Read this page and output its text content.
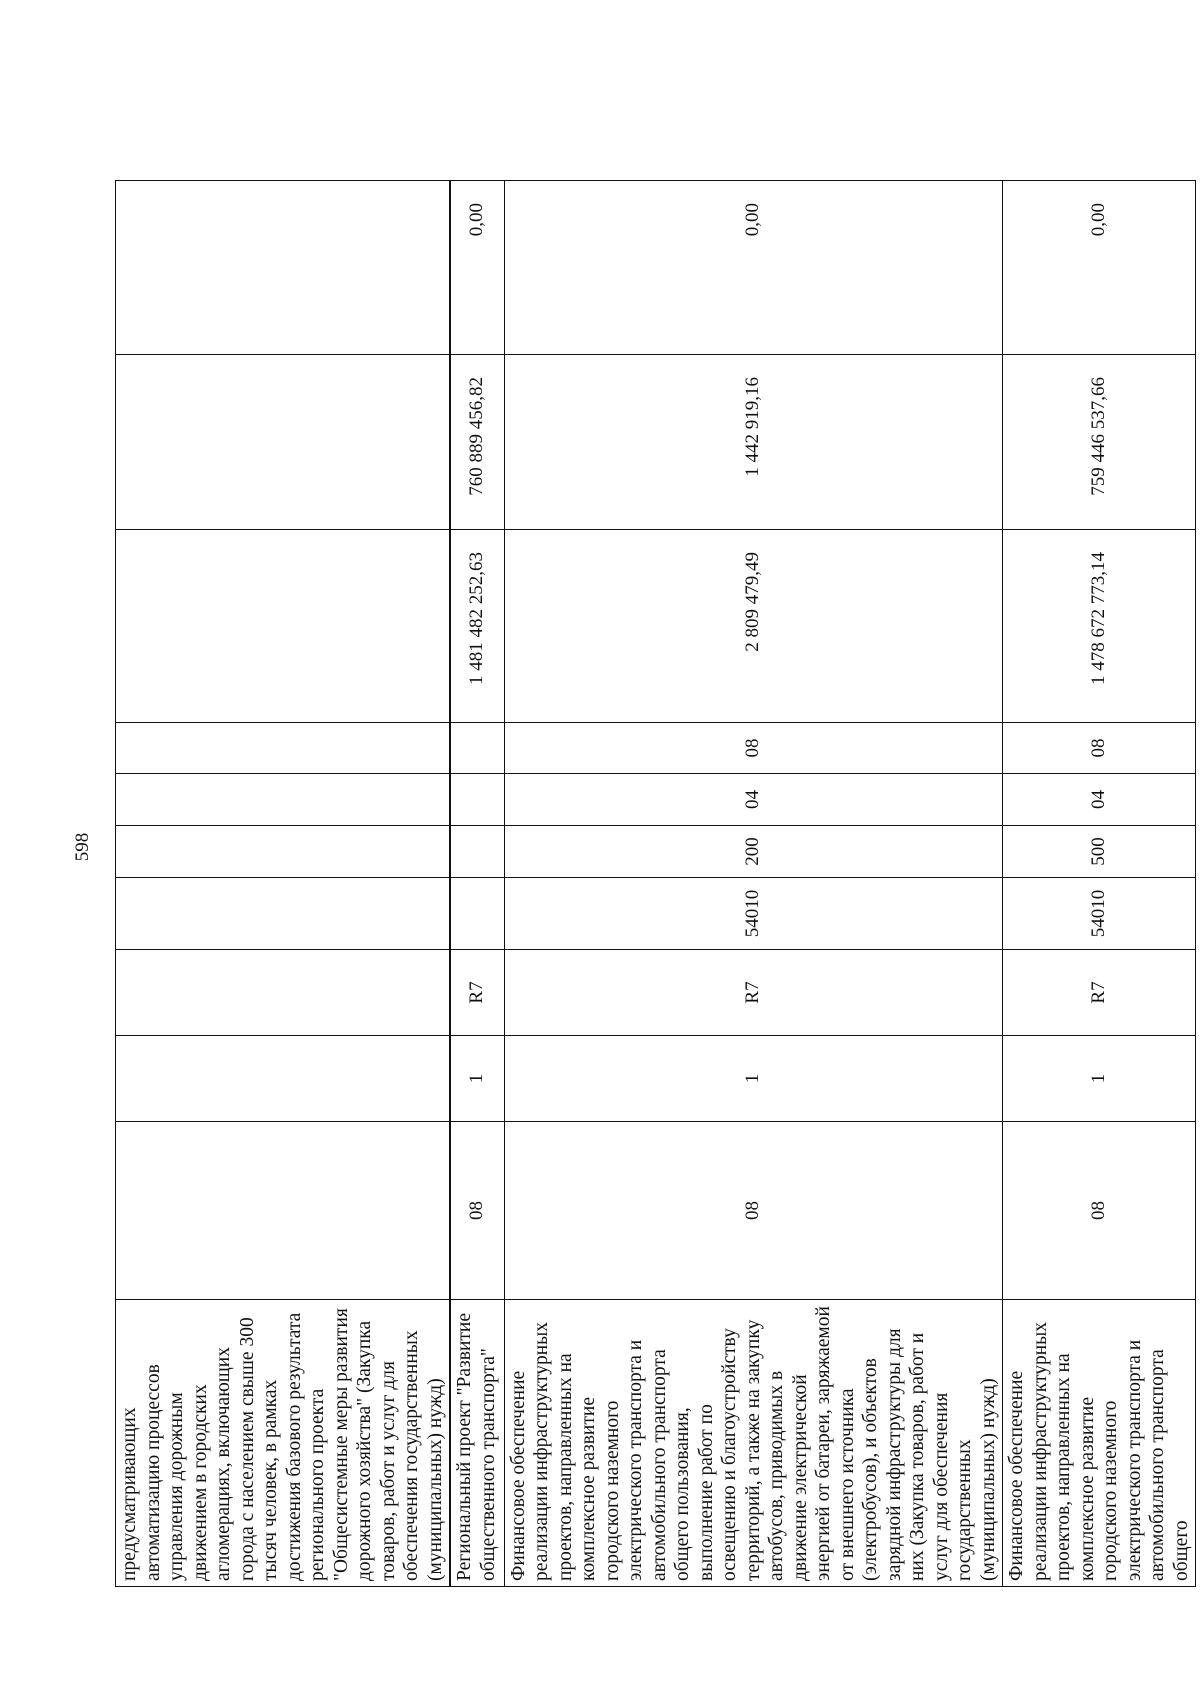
598
предусматривающих автоматизацию процессов управления дорожным движением в городских агломерациях, включающих города с населением свыше 300 тысяч человек, в рамках достижения базового результата регионального проекта "Общесистемные меры развития дорожного хозяйства" (Закупка товаров, работ и услуг для обеспечения государственных (муниципальных) нужд)										
Региональный проект "Развитие общественного транспорта"	08	1	R7					1 481 482 252,63	760 889 456,82	0,00
Финансовое обеспечение реализации инфраструктурных проектов, направленных на комплексное развитие городского наземного электрического транспорта и автомобильного транспорта общего пользования, выполнение работ по освещению и благоустройству территорий, а также на закупку автобусов, приводимых в движение электрической энергией от батареи, заряжаемой от внешнего источника (электробусов), и объектов зарядной инфраструктуры для них (Закупка товаров, работ и услуг для обеспечения государственных (муниципальных) нужд)	08	1	R7	54010	200	04	08	2 809 479,49	1 442 919,16	0,00
Финансовое обеспечение реализации инфраструктурных проектов, направленных на комплексное развитие городского наземного электрического транспорта и автомобильного транспорта общего	08	1	R7	54010	500	04	08	1 478 672 773,14	759 446 537,66	0,00
